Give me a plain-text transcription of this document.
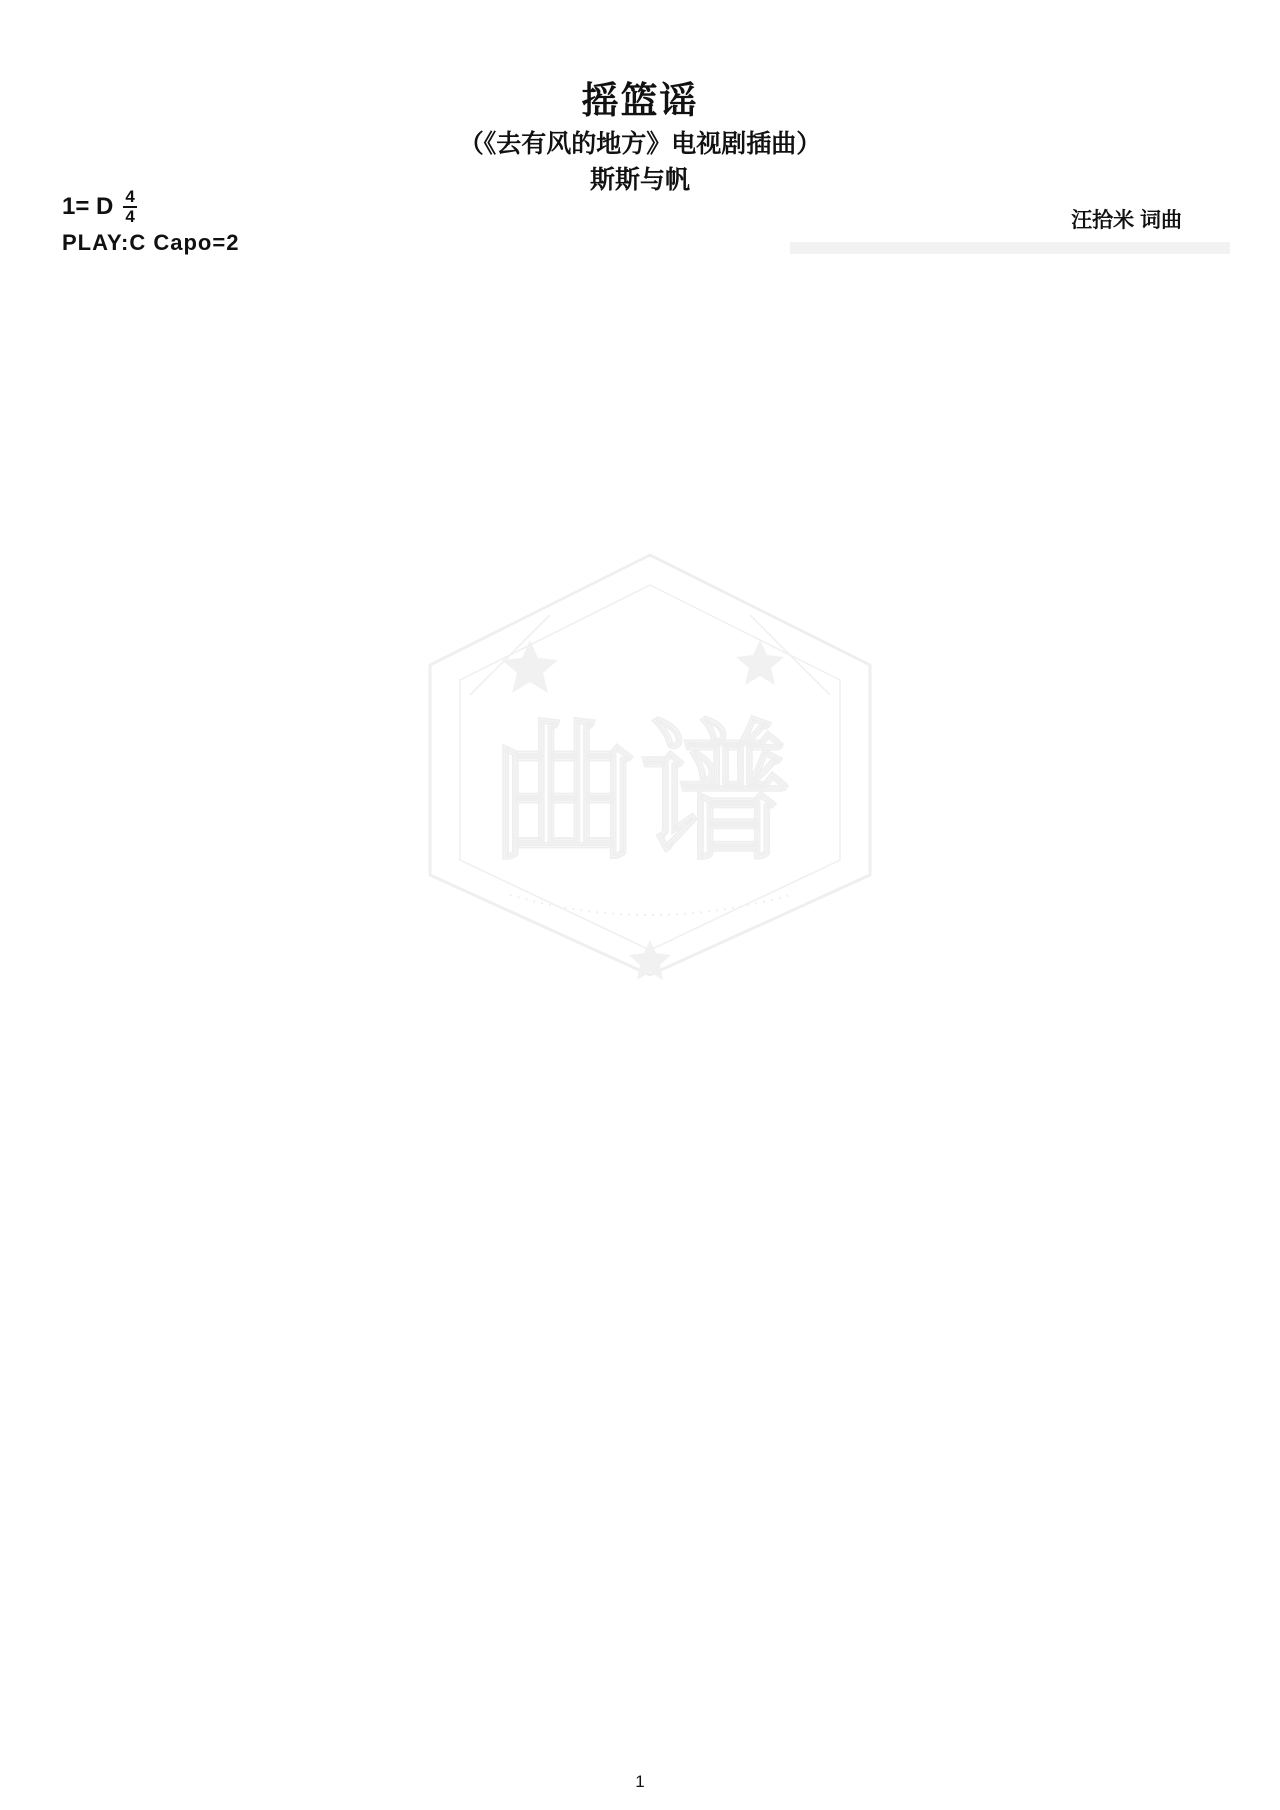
摇篮谣
（《去有风的地方》电视剧插曲）
斯斯与帆
1= D $\frac{4}{4}$	汪拾米 词曲
PLAY:C Capo=2
曲谱
1
